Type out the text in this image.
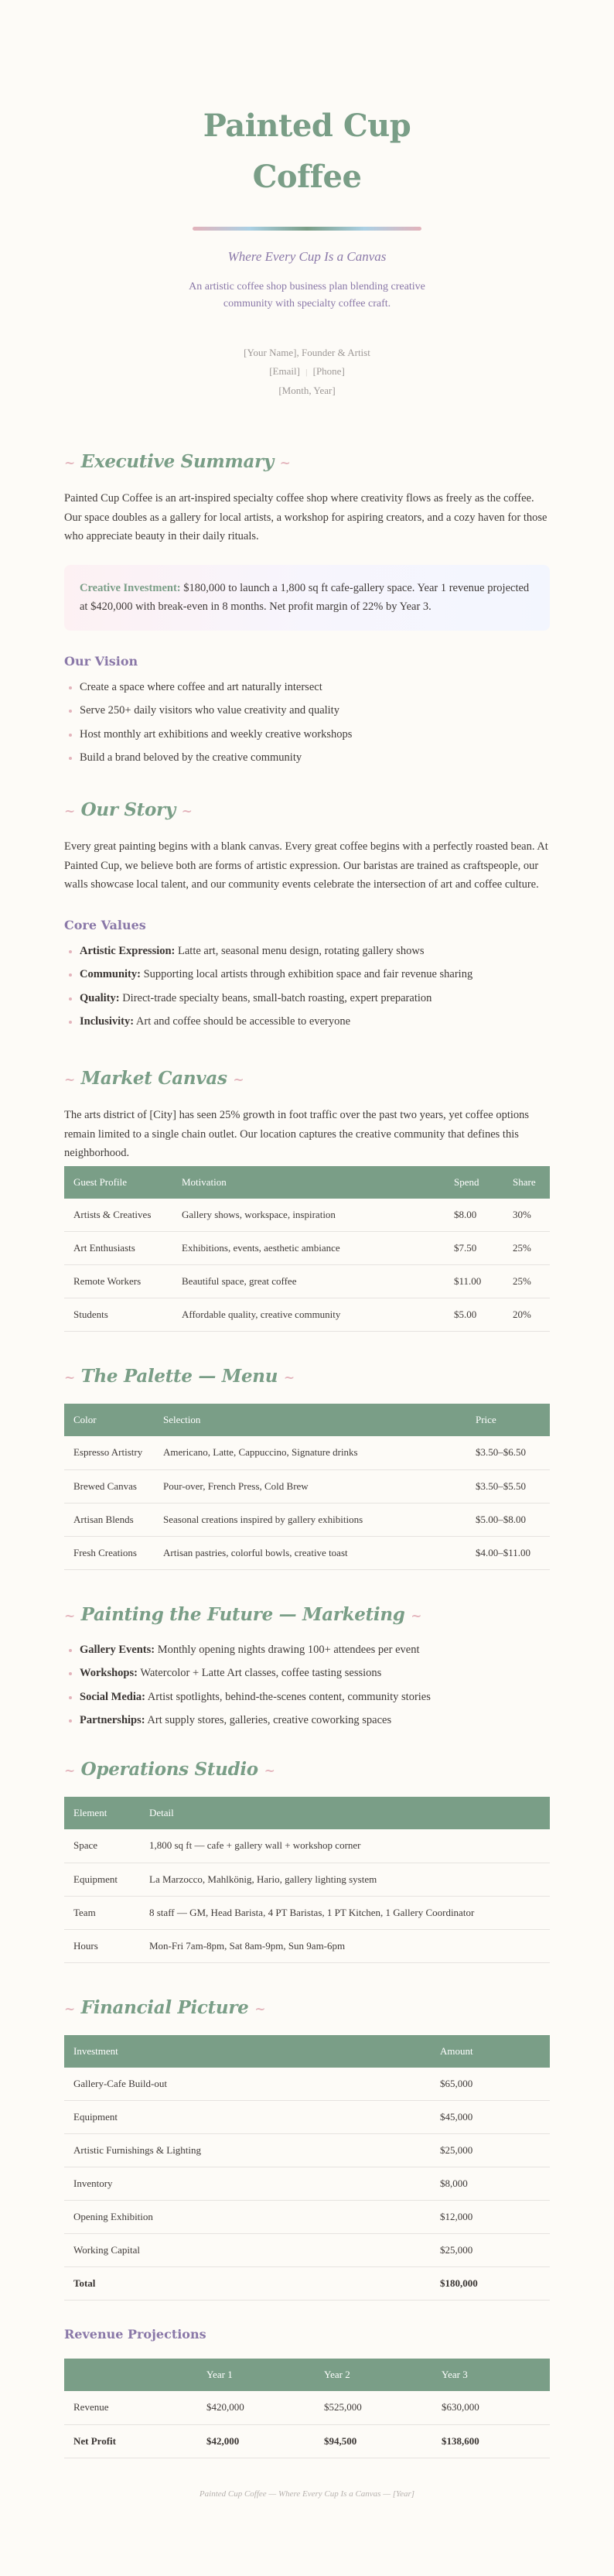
Painted Cup
Coffee
Where Every Cup Is a Canvas
An artistic coffee shop business plan blending creative community with specialty coffee craft.
[Your Name], Founder & Artist
[Email] | [Phone]
[Month, Year]
~ Executive Summary ~

Painted Cup Coffee is an art-inspired specialty coffee shop where creativity flows as freely as the coffee. Our space doubles as a gallery for local artists, a workshop for aspiring creators, and a cozy haven for those who appreciate beauty in their daily rituals.

Creative Investment: $180,000 to launch a 1,800 sq ft cafe-gallery space. Year 1 revenue projected at $420,000 with break-even in 8 months. Net profit margin of 22% by Year 3.
Our Vision
Create a space where coffee and art naturally intersect
Serve 250+ daily visitors who value creativity and quality
Host monthly art exhibitions and weekly creative workshops
Build a brand beloved by the creative community
~ Our Story ~

Every great painting begins with a blank canvas. Every great coffee begins with a perfectly roasted bean. At Painted Cup, we believe both are forms of artistic expression. Our baristas are trained as craftspeople, our walls showcase local talent, and our community events celebrate the intersection of art and coffee culture.

Core Values
Artistic Expression: Latte art, seasonal menu design, rotating gallery shows
Community: Supporting local artists through exhibition space and fair revenue sharing
Quality: Direct-trade specialty beans, small-batch roasting, expert preparation
Inclusivity: Art and coffee should be accessible to everyone
~ Market Canvas ~

The arts district of [City] has seen 25% growth in foot traffic over the past two years, yet coffee options remain limited to a single chain outlet. Our location captures the creative community that defines this neighborhood.

Guest Profile	Motivation	Spend	Share
Artists & Creatives	Gallery shows, workspace, inspiration	$8.00	30%
Art Enthusiasts	Exhibitions, events, aesthetic ambiance	$7.50	25%
Remote Workers	Beautiful space, great coffee	$11.00	25%
Students	Affordable quality, creative community	$5.00	20%
~ The Palette — Menu ~
Color	Selection	Price
Espresso Artistry	Americano, Latte, Cappuccino, Signature drinks	$3.50–$6.50
Brewed Canvas	Pour-over, French Press, Cold Brew	$3.50–$5.50
Artisan Blends	Seasonal creations inspired by gallery exhibitions	$5.00–$8.00
Fresh Creations	Artisan pastries, colorful bowls, creative toast	$4.00–$11.00
~ Painting the Future — Marketing ~
Gallery Events: Monthly opening nights drawing 100+ attendees per event
Workshops: Watercolor + Latte Art classes, coffee tasting sessions
Social Media: Artist spotlights, behind-the-scenes content, community stories
Partnerships: Art supply stores, galleries, creative coworking spaces
~ Operations Studio ~
Element	Detail
Space	1,800 sq ft — cafe + gallery wall + workshop corner
Equipment	La Marzocco, Mahlkönig, Hario, gallery lighting system
Team	8 staff — GM, Head Barista, 4 PT Baristas, 1 PT Kitchen, 1 Gallery Coordinator
Hours	Mon-Fri 7am-8pm, Sat 8am-9pm, Sun 9am-6pm
~ Financial Picture ~
Investment	Amount
Gallery-Cafe Build-out	$65,000
Equipment	$45,000
Artistic Furnishings & Lighting	$25,000
Inventory	$8,000
Opening Exhibition	$12,000
Working Capital	$25,000
Total	$180,000
Revenue Projections
	Year 1	Year 2	Year 3
Revenue	$420,000	$525,000	$630,000
Net Profit	$42,000	$94,500	$138,600
Painted Cup Coffee — Where Every Cup Is a Canvas — [Year]
